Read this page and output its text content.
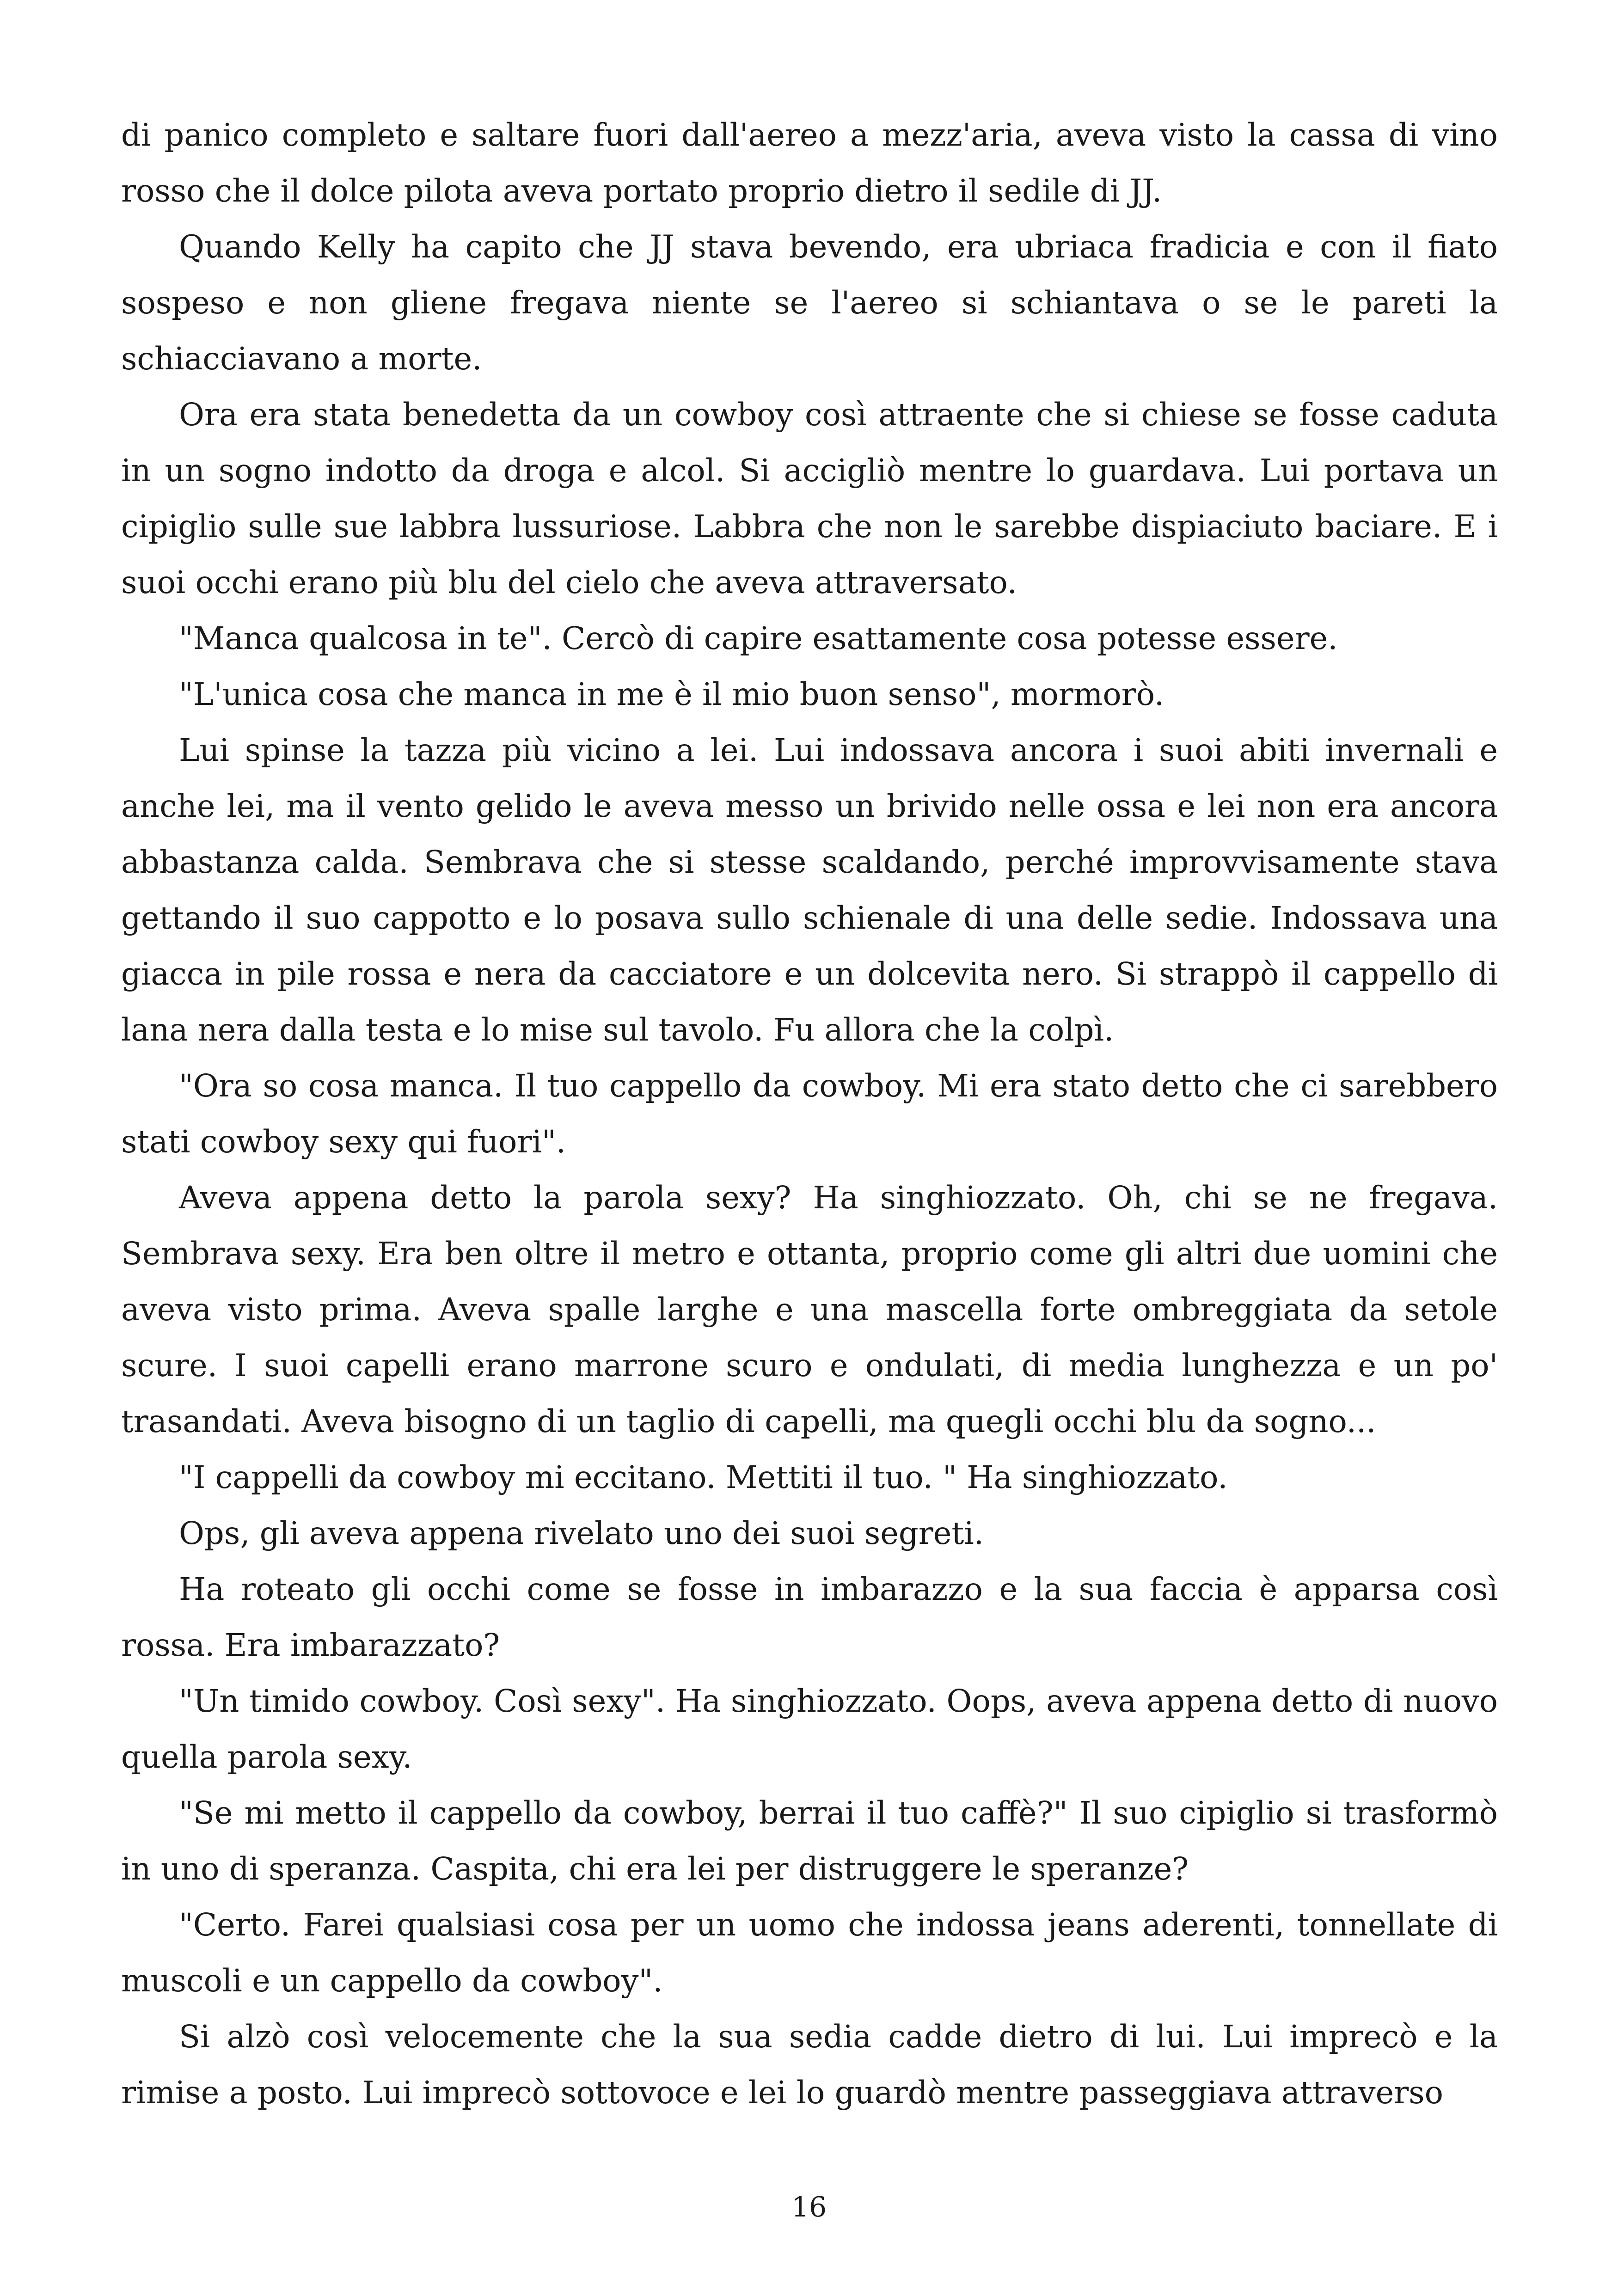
di panico completo e saltare fuori dall'aereo a mezz'aria, aveva visto la cassa di vino rosso che il dolce pilota aveva portato proprio dietro il sedile di JJ.

Quando Kelly ha capito che JJ stava bevendo, era ubriaca fradicia e con il fiato sospeso e non gliene fregava niente se l'aereo si schiantava o se le pareti la schiacciavano a morte.

Ora era stata benedetta da un cowboy così attraente che si chiese se fosse caduta in un sogno indotto da droga e alcol. Si accigliò mentre lo guardava. Lui portava un cipiglio sulle sue labbra lussuriose. Labbra che non le sarebbe dispiaciuto baciare. E i suoi occhi erano più blu del cielo che aveva attraversato.

"Manca qualcosa in te". Cercò di capire esattamente cosa potesse essere.

"L'unica cosa che manca in me è il mio buon senso", mormorò.

Lui spinse la tazza più vicino a lei. Lui indossava ancora i suoi abiti invernali e anche lei, ma il vento gelido le aveva messo un brivido nelle ossa e lei non era ancora abbastanza calda. Sembrava che si stesse scaldando, perché improvvisamente stava gettando il suo cappotto e lo posava sullo schienale di una delle sedie. Indossava una giacca in pile rossa e nera da cacciatore e un dolcevita nero. Si strappò il cappello di lana nera dalla testa e lo mise sul tavolo. Fu allora che la colpì.

"Ora so cosa manca. Il tuo cappello da cowboy. Mi era stato detto che ci sarebbero stati cowboy sexy qui fuori".

Aveva appena detto la parola sexy? Ha singhiozzato. Oh, chi se ne fregava. Sembrava sexy. Era ben oltre il metro e ottanta, proprio come gli altri due uomini che aveva visto prima. Aveva spalle larghe e una mascella forte ombreggiata da setole scure. I suoi capelli erano marrone scuro e ondulati, di media lunghezza e un po' trasandati. Aveva bisogno di un taglio di capelli, ma quegli occhi blu da sogno...

"I cappelli da cowboy mi eccitano. Mettiti il tuo. " Ha singhiozzato.

Ops, gli aveva appena rivelato uno dei suoi segreti.

Ha roteato gli occhi come se fosse in imbarazzo e la sua faccia è apparsa così rossa. Era imbarazzato?

"Un timido cowboy. Così sexy". Ha singhiozzato. Oops, aveva appena detto di nuovo quella parola sexy.

"Se mi metto il cappello da cowboy, berrai il tuo caffè?" Il suo cipiglio si trasformò in uno di speranza. Caspita, chi era lei per distruggere le speranze?

"Certo. Farei qualsiasi cosa per un uomo che indossa jeans aderenti, tonnellate di muscoli e un cappello da cowboy".

Si alzò così velocemente che la sua sedia cadde dietro di lui. Lui imprecò e la rimise a posto. Lui imprecò sottovoce e lei lo guardò mentre passeggiava attraverso

16
